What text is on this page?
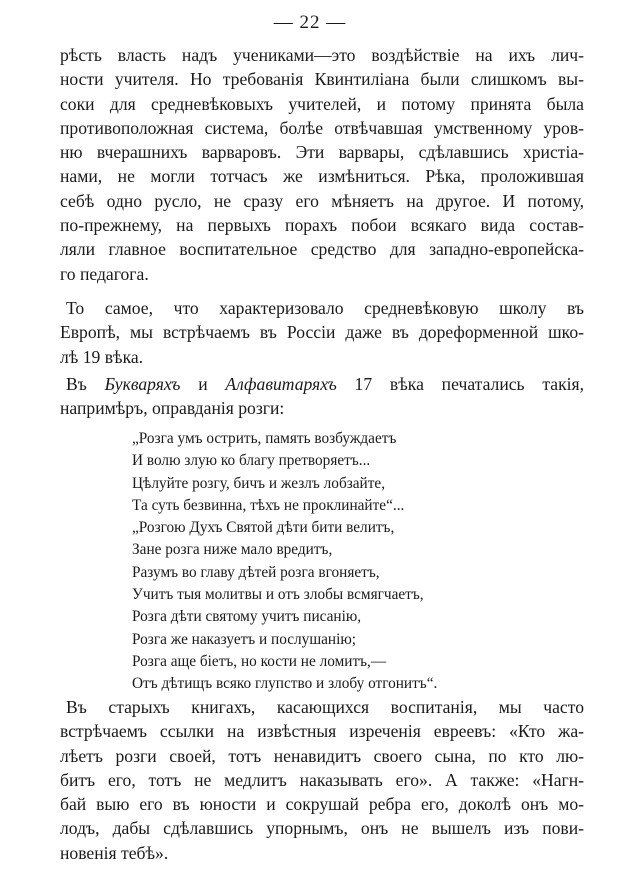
— 22 —
рѣсть власть надъ учениками—это воздѣйствіе на ихъ лич-
ности учителя. Но требованія Квинтиліана были слишкомъ вы-
соки для средневѣковыхъ учителей, и потому принята была
противоположная система, болѣе отвѣчавшая умственному уров-
ню вчерашнихъ варваровъ. Эти варвары, сдѣлавшись христіа-
нами, не могли тотчасъ же измѣниться. Рѣка, проложившая
себѣ одно русло, не сразу его мѣняетъ на другое. И потому,
по-прежнему, на первыхъ порахъ побои всякаго вида состав-
ляли главное воспитательное средство для западно-европейска-
го педагога.
То самое, что характеризовало средневѣковую школу въ
Европѣ, мы встрѣчаемъ въ Россіи даже въ дореформенной шко-
лѣ 19 вѣка.
Въ Букваряхъ и Алфавитаряхъ 17 вѣка печатались такія,
напримѣръ, оправданія розги:
„Розга умъ острить, память возбуждаетъ
И волю злую ко благу претворяетъ...
Цѣлуйте розгу, бичъ и жезлъ лобзайте,
Та суть безвинна, тѣхъ не проклинайте“...
„Розгою Духъ Святой дѣти бити велитъ,
Зане розга ниже мало вредитъ,
Разумъ во главу дѣтей розга вгоняетъ,
Учитъ тыя молитвы и отъ злобы всмягчаетъ,
Розга дѣти святому учитъ писанію,
Розга же наказуетъ и послушанію;
Розга аще біетъ, но кости не ломитъ,—
Отъ дѣтищъ всяко глупство и злобу отгонитъ“.
Въ старыхъ книгахъ, касающихся воспитанія, мы часто
встрѣчаемъ ссылки на извѣстныя изреченія евреевъ: «Кто жа-
лѣетъ розги своей, тотъ ненавидитъ своего сына, по кто лю-
битъ его, тотъ не медлитъ наказывать его». А также: «Нагн-
бай выю его въ юности и сокрушай ребра его, доколѣ онъ мо-
лодъ, дабы сдѣлавшись упорнымъ, онъ не вышелъ изъ пови-
новенія тебѣ».
